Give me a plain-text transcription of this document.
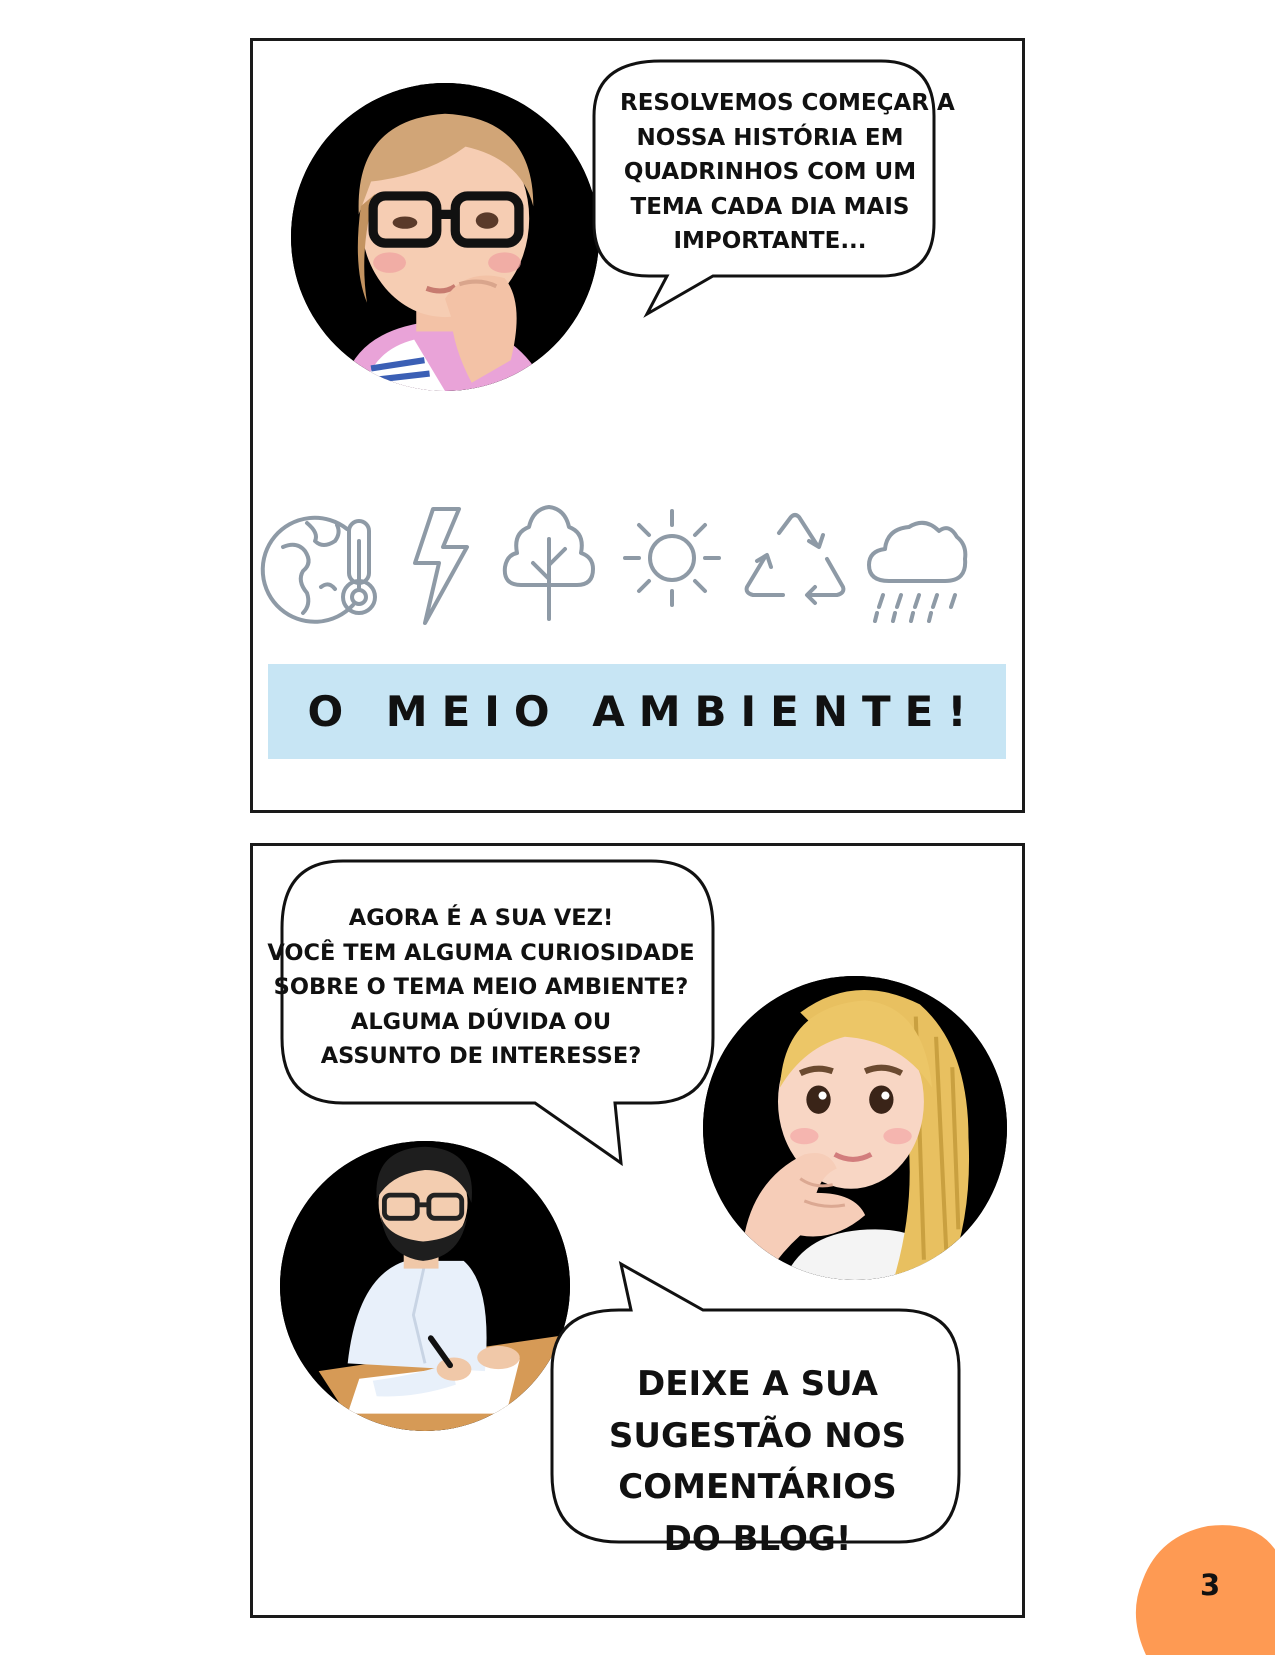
RESOLVEMOS COMEÇAR A
NOSSA HISTÓRIA EM
QUADRINHOS COM UM
TEMA CADA DIA MAIS
IMPORTANTE...
O MEIO AMBIENTE!
AGORA É A SUA VEZ!
VOCÊ TEM ALGUMA CURIOSIDADE
SOBRE O TEMA MEIO AMBIENTE?
ALGUMA DÚVIDA OU
ASSUNTO DE INTERESSE?
DEIXE A SUA
SUGESTÃO NOS
COMENTÁRIOS
DO BLOG!
3
